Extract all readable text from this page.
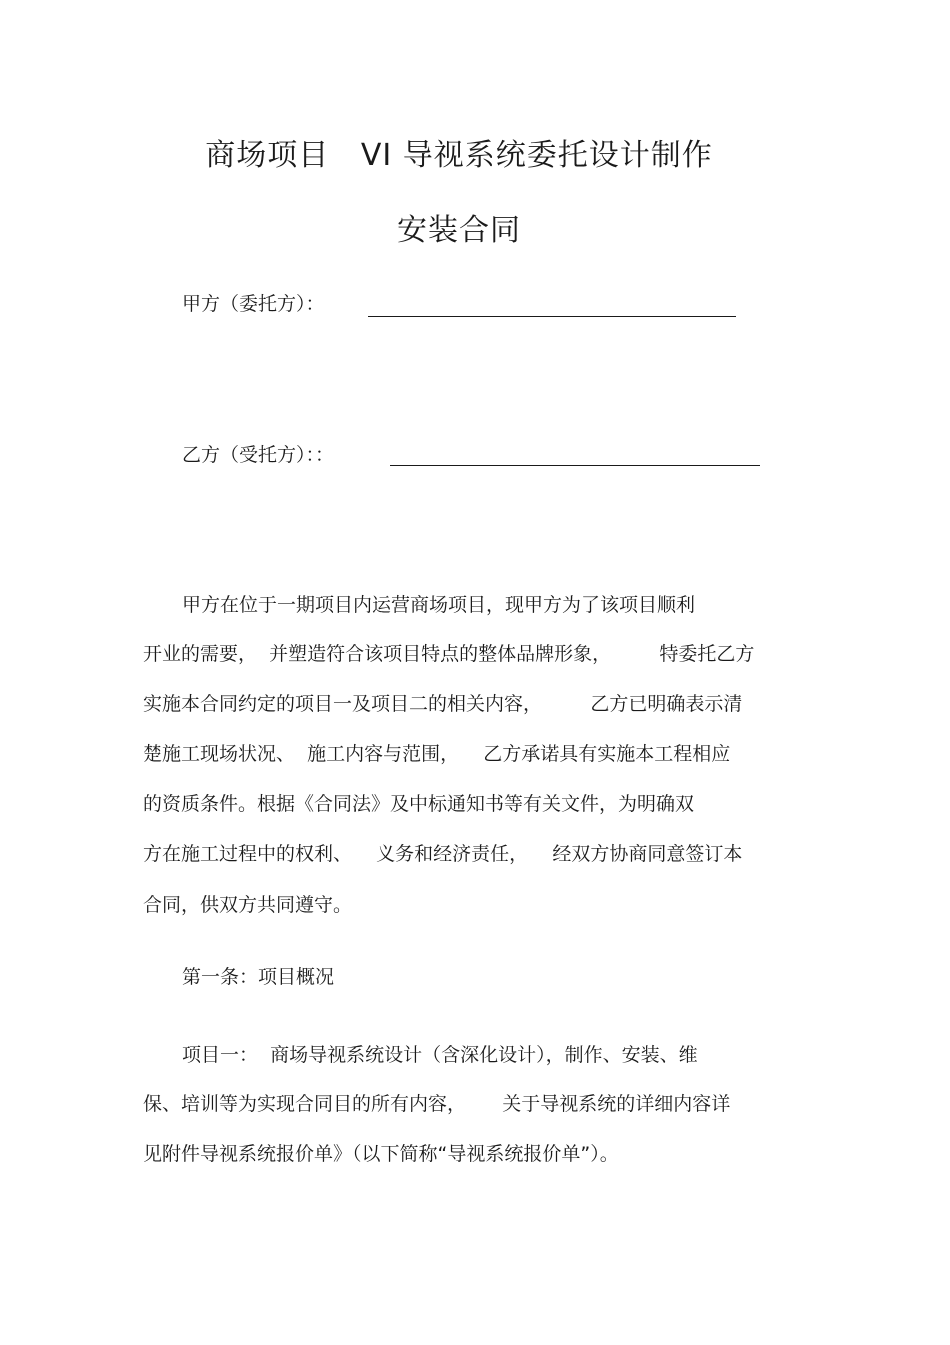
商场项目   VI 导视系统委托设计制作
安装合同
甲方（委托方）：
乙方（受托方）：：
甲方在位于一期项目内运营商场项目，现甲方为了该项目顺利
开业的需要，  并塑造符合该项目特点的整体品牌形象，        特委托乙方
实施本合同约定的项目一及项目二的相关内容，        乙方已明确表示清
楚施工现场状况、  施工内容与范围，    乙方承诺具有实施本工程相应
的资质条件。根据《合同法》及中标通知书等有关文件，为明确双
方在施工过程中的权利、    义务和经济责任，    经双方协商同意签订本
合同，供双方共同遵守。
第一条：项目概况
项目一：  商场导视系统设计（含深化设计），制作、安装、维
保、培训等为实现合同目的所有内容，      关于导视系统的详细内容详
见附件导视系统报价单》（以下简称“导视系统报价单”）。
